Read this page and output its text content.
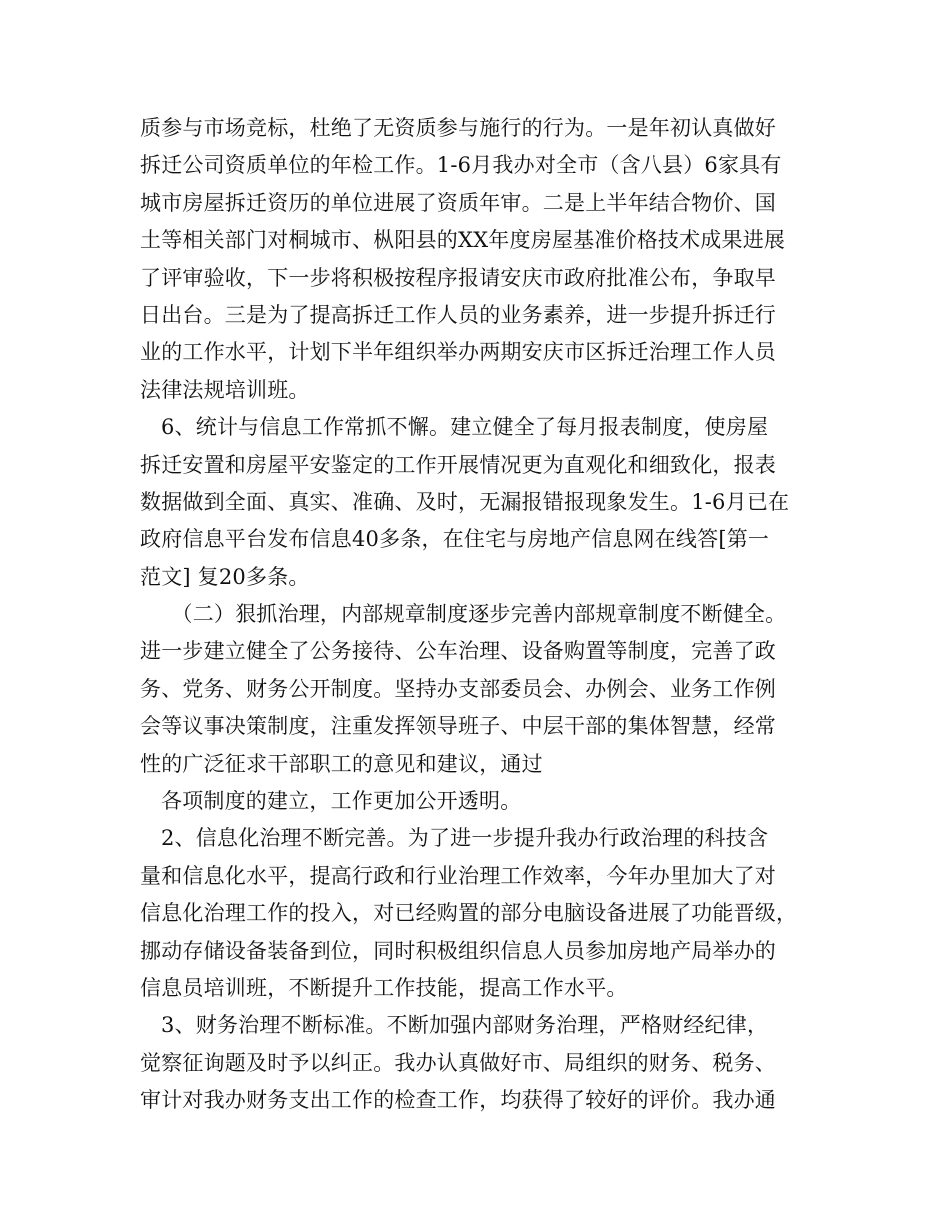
质参与市场竞标，杜绝了无资质参与施行的行为。一是年初认真做好
拆迁公司资质单位的年检工作。1-6月我办对全市（含八县）6家具有
城市房屋拆迁资历的单位进展了资质年审。二是上半年结合物价、国
土等相关部门对桐城市、枞阳县的XX年度房屋基准价格技术成果进展
了评审验收，下一步将积极按程序报请安庆市政府批准公布，争取早
日出台。三是为了提高拆迁工作人员的业务素养，进一步提升拆迁行
业的工作水平，计划下半年组织举办两期安庆市区拆迁治理工作人员
法律法规培训班。
6、统计与信息工作常抓不懈。建立健全了每月报表制度，使房屋
拆迁安置和房屋平安鉴定的工作开展情况更为直观化和细致化，报表
数据做到全面、真实、准确、及时，无漏报错报现象发生。1-6月已在
政府信息平台发布信息40多条，在住宅与房地产信息网在线答[第一
范文] 复20多条。
（二）狠抓治理，内部规章制度逐步完善内部规章制度不断健全。
进一步建立健全了公务接待、公车治理、设备购置等制度，完善了政
务、党务、财务公开制度。坚持办支部委员会、办例会、业务工作例
会等议事决策制度，注重发挥领导班子、中层干部的集体智慧，经常
性的广泛征求干部职工的意见和建议，通过
各项制度的建立，工作更加公开透明。
2、信息化治理不断完善。为了进一步提升我办行政治理的科技含
量和信息化水平，提高行政和行业治理工作效率，今年办里加大了对
信息化治理工作的投入，对已经购置的部分电脑设备进展了功能晋级，
挪动存储设备装备到位，同时积极组织信息人员参加房地产局举办的
信息员培训班，不断提升工作技能，提高工作水平。
3、财务治理不断标准。不断加强内部财务治理，严格财经纪律，
觉察征询题及时予以纠正。我办认真做好市、局组织的财务、税务、
审计对我办财务支出工作的检查工作，均获得了较好的评价。我办通
